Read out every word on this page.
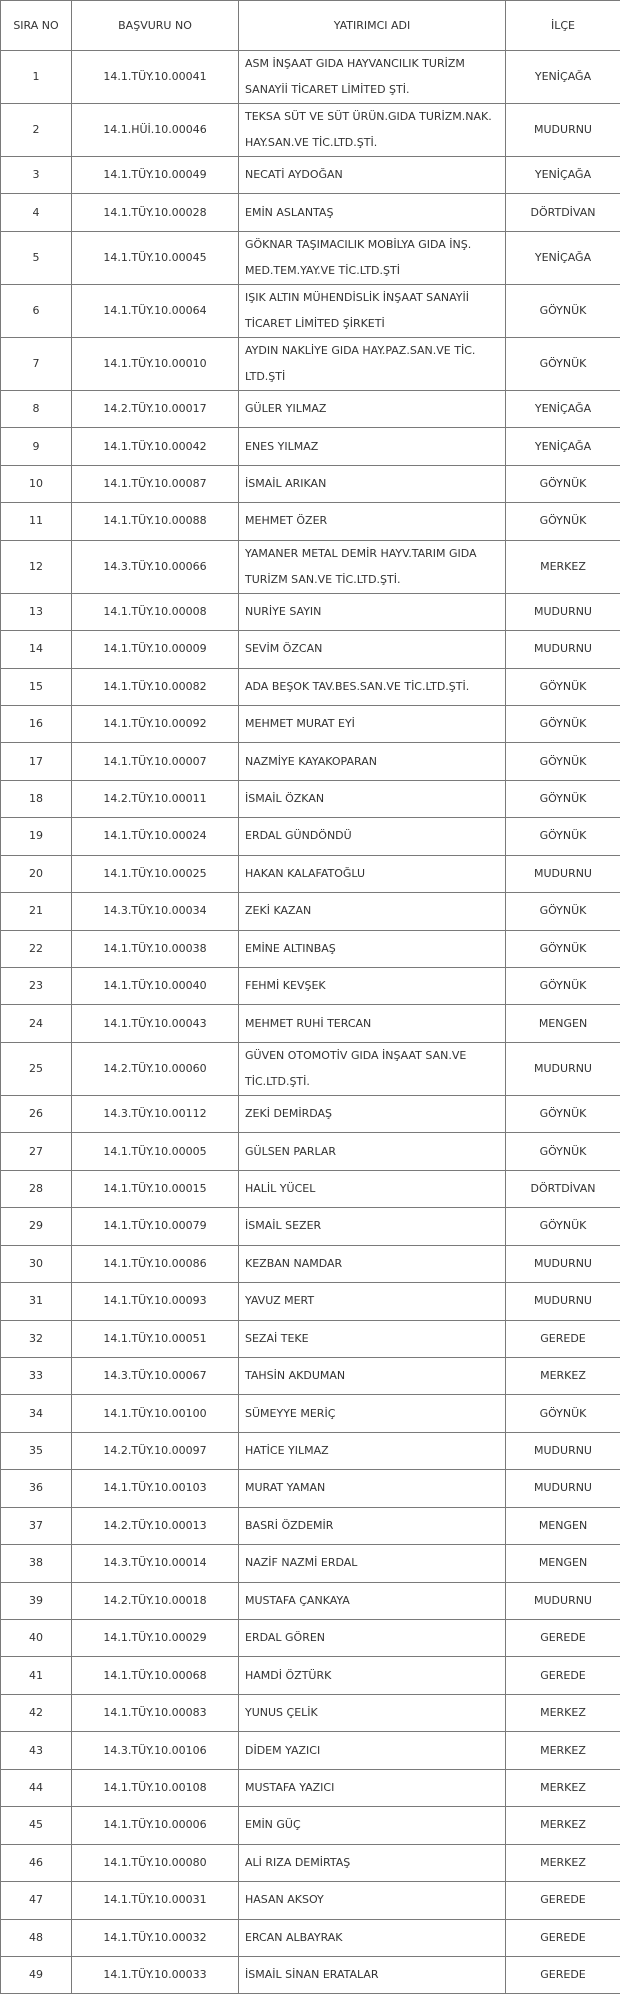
SIRA NO	BAŞVURU NO	YATIRIMCI ADI	İLÇE
1	14.1.TÜY.10.00041	ASM İNŞAAT GIDA HAYVANCILIK TURİZM SANAYİİ TİCARET LİMİTED ŞTİ.	YENİÇAĞA
2	14.1.HÜİ.10.00046	TEKSA SÜT VE SÜT ÜRÜN.GIDA TURİZM.NAK. HAY.SAN.VE TİC.LTD.ŞTİ.	MUDURNU
3	14.1.TÜY.10.00049	NECATİ AYDOĞAN	YENİÇAĞA
4	14.1.TÜY.10.00028	EMİN ASLANTAŞ	DÖRTDİVAN
5	14.1.TÜY.10.00045	GÖKNAR TAŞIMACILIK MOBİLYA GIDA İNŞ. MED.TEM.YAY.VE TİC.LTD.ŞTİ	YENİÇAĞA
6	14.1.TÜY.10.00064	IŞIK ALTIN MÜHENDİSLİK İNŞAAT SANAYİİ TİCARET LİMİTED ŞİRKETİ	GÖYNÜK
7	14.1.TÜY.10.00010	AYDIN NAKLİYE GIDA HAY.PAZ.SAN.VE TİC. LTD.ŞTİ	GÖYNÜK
8	14.2.TÜY.10.00017	GÜLER YILMAZ	YENİÇAĞA
9	14.1.TÜY.10.00042	ENES YILMAZ	YENİÇAĞA
10	14.1.TÜY.10.00087	İSMAİL ARIKAN	GÖYNÜK
11	14.1.TÜY.10.00088	MEHMET ÖZER	GÖYNÜK
12	14.3.TÜY.10.00066	YAMANER METAL DEMİR HAYV.TARIM GIDA TURİZM SAN.VE TİC.LTD.ŞTİ.	MERKEZ
13	14.1.TÜY.10.00008	NURİYE SAYIN	MUDURNU
14	14.1.TÜY.10.00009	SEVİM ÖZCAN	MUDURNU
15	14.1.TÜY.10.00082	ADA BEŞOK TAV.BES.SAN.VE TİC.LTD.ŞTİ.	GÖYNÜK
16	14.1.TÜY.10.00092	MEHMET MURAT EYİ	GÖYNÜK
17	14.1.TÜY.10.00007	NAZMİYE KAYAKOPARAN	GÖYNÜK
18	14.2.TÜY.10.00011	İSMAİL ÖZKAN	GÖYNÜK
19	14.1.TÜY.10.00024	ERDAL GÜNDÖNDÜ	GÖYNÜK
20	14.1.TÜY.10.00025	HAKAN KALAFATOĞLU	MUDURNU
21	14.3.TÜY.10.00034	ZEKİ KAZAN	GÖYNÜK
22	14.1.TÜY.10.00038	EMİNE ALTINBAŞ	GÖYNÜK
23	14.1.TÜY.10.00040	FEHMİ KEVŞEK	GÖYNÜK
24	14.1.TÜY.10.00043	MEHMET RUHİ TERCAN	MENGEN
25	14.2.TÜY.10.00060	GÜVEN OTOMOTİV GIDA İNŞAAT SAN.VE TİC.LTD.ŞTİ.	MUDURNU
26	14.3.TÜY.10.00112	ZEKİ DEMİRDAŞ	GÖYNÜK
27	14.1.TÜY.10.00005	GÜLSEN PARLAR	GÖYNÜK
28	14.1.TÜY.10.00015	HALİL YÜCEL	DÖRTDİVAN
29	14.1.TÜY.10.00079	İSMAİL SEZER	GÖYNÜK
30	14.1.TÜY.10.00086	KEZBAN NAMDAR	MUDURNU
31	14.1.TÜY.10.00093	YAVUZ MERT	MUDURNU
32	14.1.TÜY.10.00051	SEZAİ TEKE	GEREDE
33	14.3.TÜY.10.00067	TAHSİN AKDUMAN	MERKEZ
34	14.1.TÜY.10.00100	SÜMEYYE MERİÇ	GÖYNÜK
35	14.2.TÜY.10.00097	HATİCE YILMAZ	MUDURNU
36	14.1.TÜY.10.00103	MURAT YAMAN	MUDURNU
37	14.2.TÜY.10.00013	BASRİ ÖZDEMİR	MENGEN
38	14.3.TÜY.10.00014	NAZİF NAZMİ ERDAL	MENGEN
39	14.2.TÜY.10.00018	MUSTAFA ÇANKAYA	MUDURNU
40	14.1.TÜY.10.00029	ERDAL GÖREN	GEREDE
41	14.1.TÜY.10.00068	HAMDİ ÖZTÜRK	GEREDE
42	14.1.TÜY.10.00083	YUNUS ÇELİK	MERKEZ
43	14.3.TÜY.10.00106	DİDEM YAZICI	MERKEZ
44	14.1.TÜY.10.00108	MUSTAFA YAZICI	MERKEZ
45	14.1.TÜY.10.00006	EMİN GÜÇ	MERKEZ
46	14.1.TÜY.10.00080	ALİ RIZA DEMİRTAŞ	MERKEZ
47	14.1.TÜY.10.00031	HASAN AKSOY	GEREDE
48	14.1.TÜY.10.00032	ERCAN ALBAYRAK	GEREDE
49	14.1.TÜY.10.00033	İSMAİL SİNAN ERATALAR	GEREDE
